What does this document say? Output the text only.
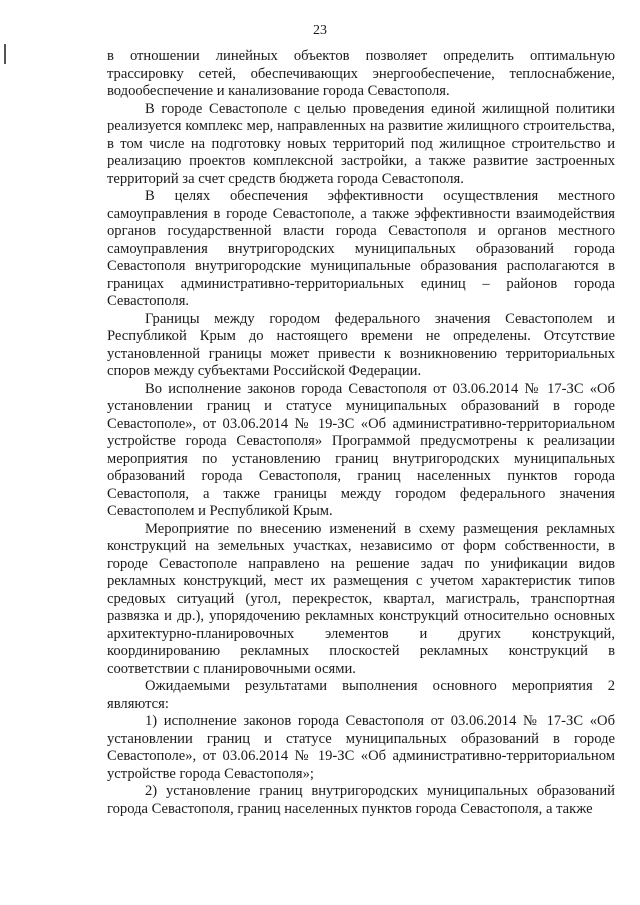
23

в отношении линейных объектов позволяет определить оптимальную трассировку сетей, обеспечивающих энергообеспечение, теплоснабжение, водообеспечение и канализование города Севастополя.

В городе Севастополе с целью проведения единой жилищной политики реализуется комплекс мер, направленных на развитие жилищного строительства, в том числе на подготовку новых территорий под жилищное строительство и реализацию проектов комплексной застройки, а также развитие застроенных территорий за счет средств бюджета города Севастополя.

В целях обеспечения эффективности осуществления местного самоуправления в городе Севастополе, а также эффективности взаимодействия органов государственной власти города Севастополя и органов местного самоуправления внутригородских муниципальных образований города Севастополя внутригородские муниципальные образования располагаются в границах административно-территориальных единиц – районов города Севастополя.

Границы между городом федерального значения Севастополем и Республикой Крым до настоящего времени не определены. Отсутствие установленной границы может привести к возникновению территориальных споров между субъектами Российской Федерации.

Во исполнение законов города Севастополя от 03.06.2014 № 17-ЗС «Об установлении границ и статусе муниципальных образований в городе Севастополе», от 03.06.2014 № 19-ЗС «Об административно-территориальном устройстве города Севастополя» Программой предусмотрены к реализации мероприятия по установлению границ внутригородских муниципальных образований города Севастополя, границ населенных пунктов города Севастополя, а также границы между городом федерального значения Севастополем и Республикой Крым.

Мероприятие по внесению изменений в схему размещения рекламных конструкций на земельных участках, независимо от форм собственности, в городе Севастополе направлено на решение задач по унификации видов рекламных конструкций, мест их размещения с учетом характеристик типов средовых ситуаций (угол, перекресток, квартал, магистраль, транспортная развязка и др.), упорядочению рекламных конструкций относительно основных архитектурно-планировочных элементов и других конструкций, координированию рекламных плоскостей рекламных конструкций в соответствии с планировочными осями.

Ожидаемыми результатами выполнения основного мероприятия 2 являются:

1) исполнение законов города Севастополя от 03.06.2014 № 17-ЗС «Об установлении границ и статусе муниципальных образований в городе Севастополе», от 03.06.2014 № 19-ЗС «Об административно-территориальном устройстве города Севастополя»;

2) установление границ внутригородских муниципальных образований города Севастополя, границ населенных пунктов города Севастополя, а также
